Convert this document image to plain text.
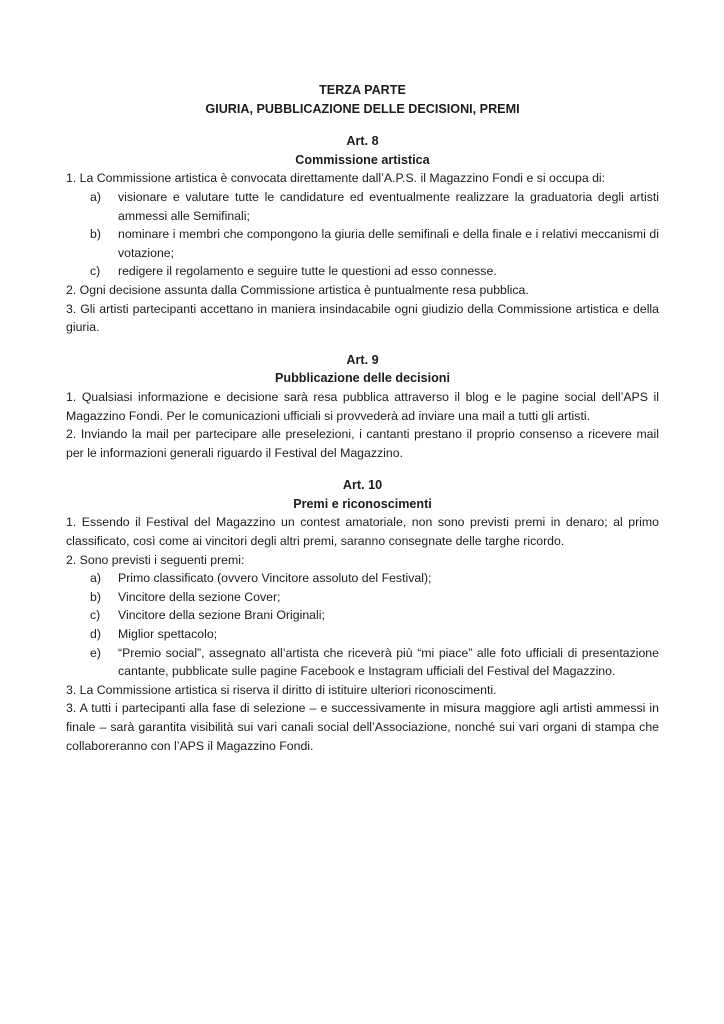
TERZA PARTE

GIURIA, PUBBLICAZIONE DELLE DECISIONI, PREMI

Art. 8

Commissione artistica

1. La Commissione artistica è convocata direttamente dall’A.P.S. il Magazzino Fondi e si occupa di:

a) visionare e valutare tutte le candidature ed eventualmente realizzare la graduatoria degli artisti ammessi alle Semifinali;
b) nominare i membri che compongono la giuria delle semifinali e della finale e i relativi meccanismi di votazione;
c) redigere il regolamento e seguire tutte le questioni ad esso connesse.

2. Ogni decisione assunta dalla Commissione artistica è puntualmente resa pubblica.

3. Gli artisti partecipanti accettano in maniera insindacabile ogni giudizio della Commissione artistica e della giuria.

Art. 9

Pubblicazione delle decisioni

1. Qualsiasi informazione e decisione sarà resa pubblica attraverso il blog e le pagine social dell’APS il Magazzino Fondi. Per le comunicazioni ufficiali si provvederà ad inviare una mail a tutti gli artisti.

2. Inviando la mail per partecipare alle preselezioni, i cantanti prestano il proprio consenso a ricevere mail per le informazioni generali riguardo il Festival del Magazzino.

Art. 10

Premi e riconoscimenti

1. Essendo il Festival del Magazzino un contest amatoriale, non sono previsti premi in denaro; al primo classificato, così come ai vincitori degli altri premi, saranno consegnate delle targhe ricordo.

2. Sono previsti i seguenti premi:

a) Primo classificato (ovvero Vincitore assoluto del Festival);
b) Vincitore della sezione Cover;
c) Vincitore della sezione Brani Originali;
d) Miglior spettacolo;
e) “Premio social”, assegnato all’artista che riceverà più “mi piace” alle foto ufficiali di presentazione cantante, pubblicate sulle pagine Facebook e Instagram ufficiali del Festival del Magazzino.

3. La Commissione artistica si riserva il diritto di istituire ulteriori riconoscimenti.

3. A tutti i partecipanti alla fase di selezione – e successivamente in misura maggiore agli artisti ammessi in finale – sarà garantita visibilità sui vari canali social dell’Associazione, nonché sui vari organi di stampa che collaboreranno con l’APS il Magazzino Fondi.
